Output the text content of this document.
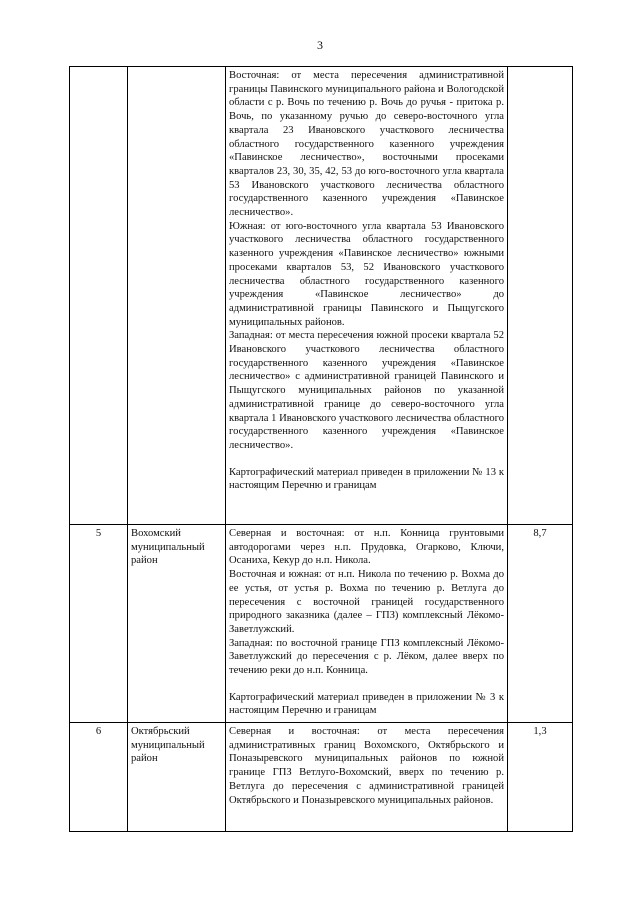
3

		Восточная: от места пересечения административной границы Павинского муниципального района и Вологодской области с р. Вочь по течению р. Вочь до ручья - притока р. Вочь, по указанному ручью до северо-восточного угла квартала 23 Ивановского участкового лесничества областного государственного казенного учреждения «Павинское лесничество», восточными просеками кварталов 23, 30, 35, 42, 53 до юго-восточного угла квартала 53 Ивановского участкового лесничества областного государственного казенного учреждения «Павинское лесничество».

Южная: от юго-восточного угла квартала 53 Ивановского участкового лесничества областного государственного казенного учреждения «Павинское лесничество» южными просеками кварталов 53, 52 Ивановского участкового лесничества областного государственного казенного учреждения «Павинское лесничество» до административной границы Павинского и Пыщугского муниципальных районов.

Западная: от места пересечения южной просеки квартала 52 Ивановского участкового лесничества областного государственного казенного учреждения «Павинское лесничество» с административной границей Павинского и Пыщугского муниципальных районов по указанной административной границе до северо-восточного угла квартала 1 Ивановского участкового лесничества областного государственного казенного учреждения «Павинское лесничество».

Картографический материал приведен в приложении № 13 к настоящим Перечню и границам	

5	Вохомский муниципальный район	Северная и восточная: от н.п. Конница грунтовыми автодорогами через н.п. Прудовка, Огарково, Ключи, Осаниха, Кекур до н.п. Никола.

Восточная и южная: от н.п. Никола по течению р. Вохма до ее устья, от устья р. Вохма по течению р. Ветлуга до пересечения с восточной границей государственного природного заказника (далее – ГПЗ) комплексный Лёкомо-Заветлужский.

Западная: по восточной границе ГПЗ комплексный Лёкомо-Заветлужский до пересечения с р. Лёком, далее вверх по течению реки до н.п. Конница.

Картографический материал приведен в приложении № 3 к настоящим Перечню и границам	8,7
6	Октябрьский муниципальный район	Северная и восточная: от места пересечения административных границ Вохомского, Октябрьского и Поназыревского муниципальных районов по южной границе ГПЗ Ветлуго-Вохомский, вверх по течению р. Ветлуга до пересечения с административной границей Октябрьского и Поназыревского муниципальных районов.	1,3
